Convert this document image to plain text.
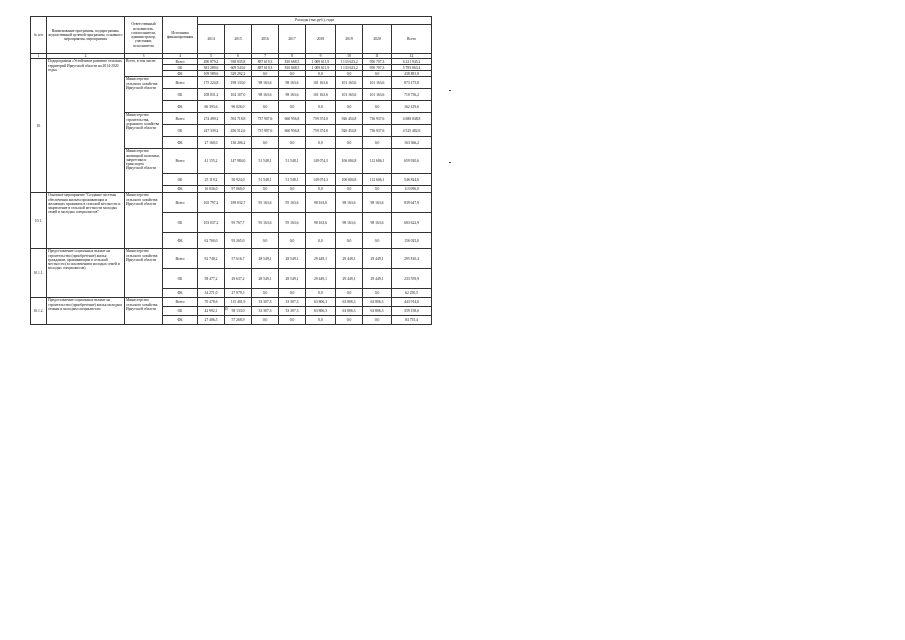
№ п/п	Наименование программы, подпрограммы, ведомственной целевой программы, основного мероприятия, мероприятия	Ответственный исполнитель, соисполнители, администратор, участники, исполнители	Источники финансирования	Расходы (тыс.руб.), годы							
				2014	2015	2016	2017	2018	2019	2020	Всего
1	2	3	4	5	6	7	8	9	10	11	12
10.	Подпрограмма «Устойчивое развитие сельских территорий Иркутской области на 2014-2020 годы»	Всего, в том числе:	Всего	490 879,2	938 835,8	887 619,3	810 668,5	1 009 611,9	1 133 623,2	950 707,3	6 221 945,2
			ОБ	381 289,6	609 543,6	887 619,3	810 668,5	1 009 611,9	1 133 623,2	950 707,3	5 783 063,4
			ФБ	109 589,6	329 292,2	0,0	0,0	0,0	0,0	0,0	438 881,8
		Министерство сельского хозяйства Иркутской области	Всего	175 224,8	198 133,0	98 163,6	98 163,6	101 163,6	101 163,6	101 163,6	873 175,8
			ОБ	108 831,2	102 107,0	98 163,6	98 163,6	101 163,6	101 163,6	101 163,6	710 756,2
			ФБ	66 393,6	96 026,0	0,0	0,0	0,0	0,0	0,0	162 419,6
		Министерство строительства, дорожного хозяйства Иркутской области	Всего	274 499,2	592 718,8	737 907,6	660 956,8	759 374,0	926 454,8	736 937,6	4 688 848,8
			ОБ	247 339,2	456 512,6	737 907,6	660 956,8	759 374,0	926 454,8	736 937,6	4 525 482,6
			ФБ	27 160,0	136 206,2	0,0	0,0	0,0	0,0	0,0	163 366,2
		Министерство жилищной политики, энергетики и транспорта Иркутской области	Всего	41 155,2	147 984,0	51 548,1	51 548,1	149 074,3	106 004,8	112 606,1	659 920,6
			ОБ	25 119,2	50 924,0	51 548,1	51 548,1	149 074,3	106 004,8	112 606,1	546 824,6
			ФБ	16 036,0	97 060,0	0,0	0,0	0,0	0,0	0,0	113 096,0
10.1.	Основное мероприятие "Создание системы обеспечения жильем проживающих и желающих проживать в сельской местности и закрепление в сельской местности молодых семей и молодых специалистов"	Министерство сельского хозяйства Иркутской области	Всего	165 797,2	189 032,7	95 163,6	95 163,6	98 163,6	98 163,6	98 163,6	839 647,9
			ОБ	103 037,2	95 767,7	95 163,6	95 163,6	98 163,6	98 163,6	98 163,6	683 622,9
			ФБ	62 760,0	93 265,0	0,0	0,0	0,0	0,0	0,0	156 025,0
10.1.1.	Предоставление социальных выплат на строительство (приобретение) жилья гражданам, проживающим в сельской местности (за исключением молодых семей и молодых специалистов)	Министерство сельского хозяйства Иркутской области	Всего	92 748,2	57 616,7	28 549,1	28 549,1	29 449,1	29 449,1	29 449,1	295 810,4
			ОБ	58 477,2	29 637,2	28 549,1	28 549,1	29 449,1	29 449,1	29 449,1	233 559,9
			ФБ	34 271,0	27 979,5	0,0	0,0	0,0	0,0	0,0	62 250,5
10.1.2.	Предоставление социальных выплат на строительство (приобретение) жилья молодым семьям и молодым специалистам	Министерство сельского хозяйства Иркутской области	Всего	70 478,6	115 401,9	33 307,3	33 307,3	63 806,3	63 806,3	63 806,3	443 914,0
			ОБ	42 992,1	58 133,0	33 307,3	33 307,3	63 806,3	63 806,3	63 806,3	359 158,6
			ФБ	27 486,5	57 268,9	0,0	0,0	0,0	0,0	0,0	84 755,4
35
